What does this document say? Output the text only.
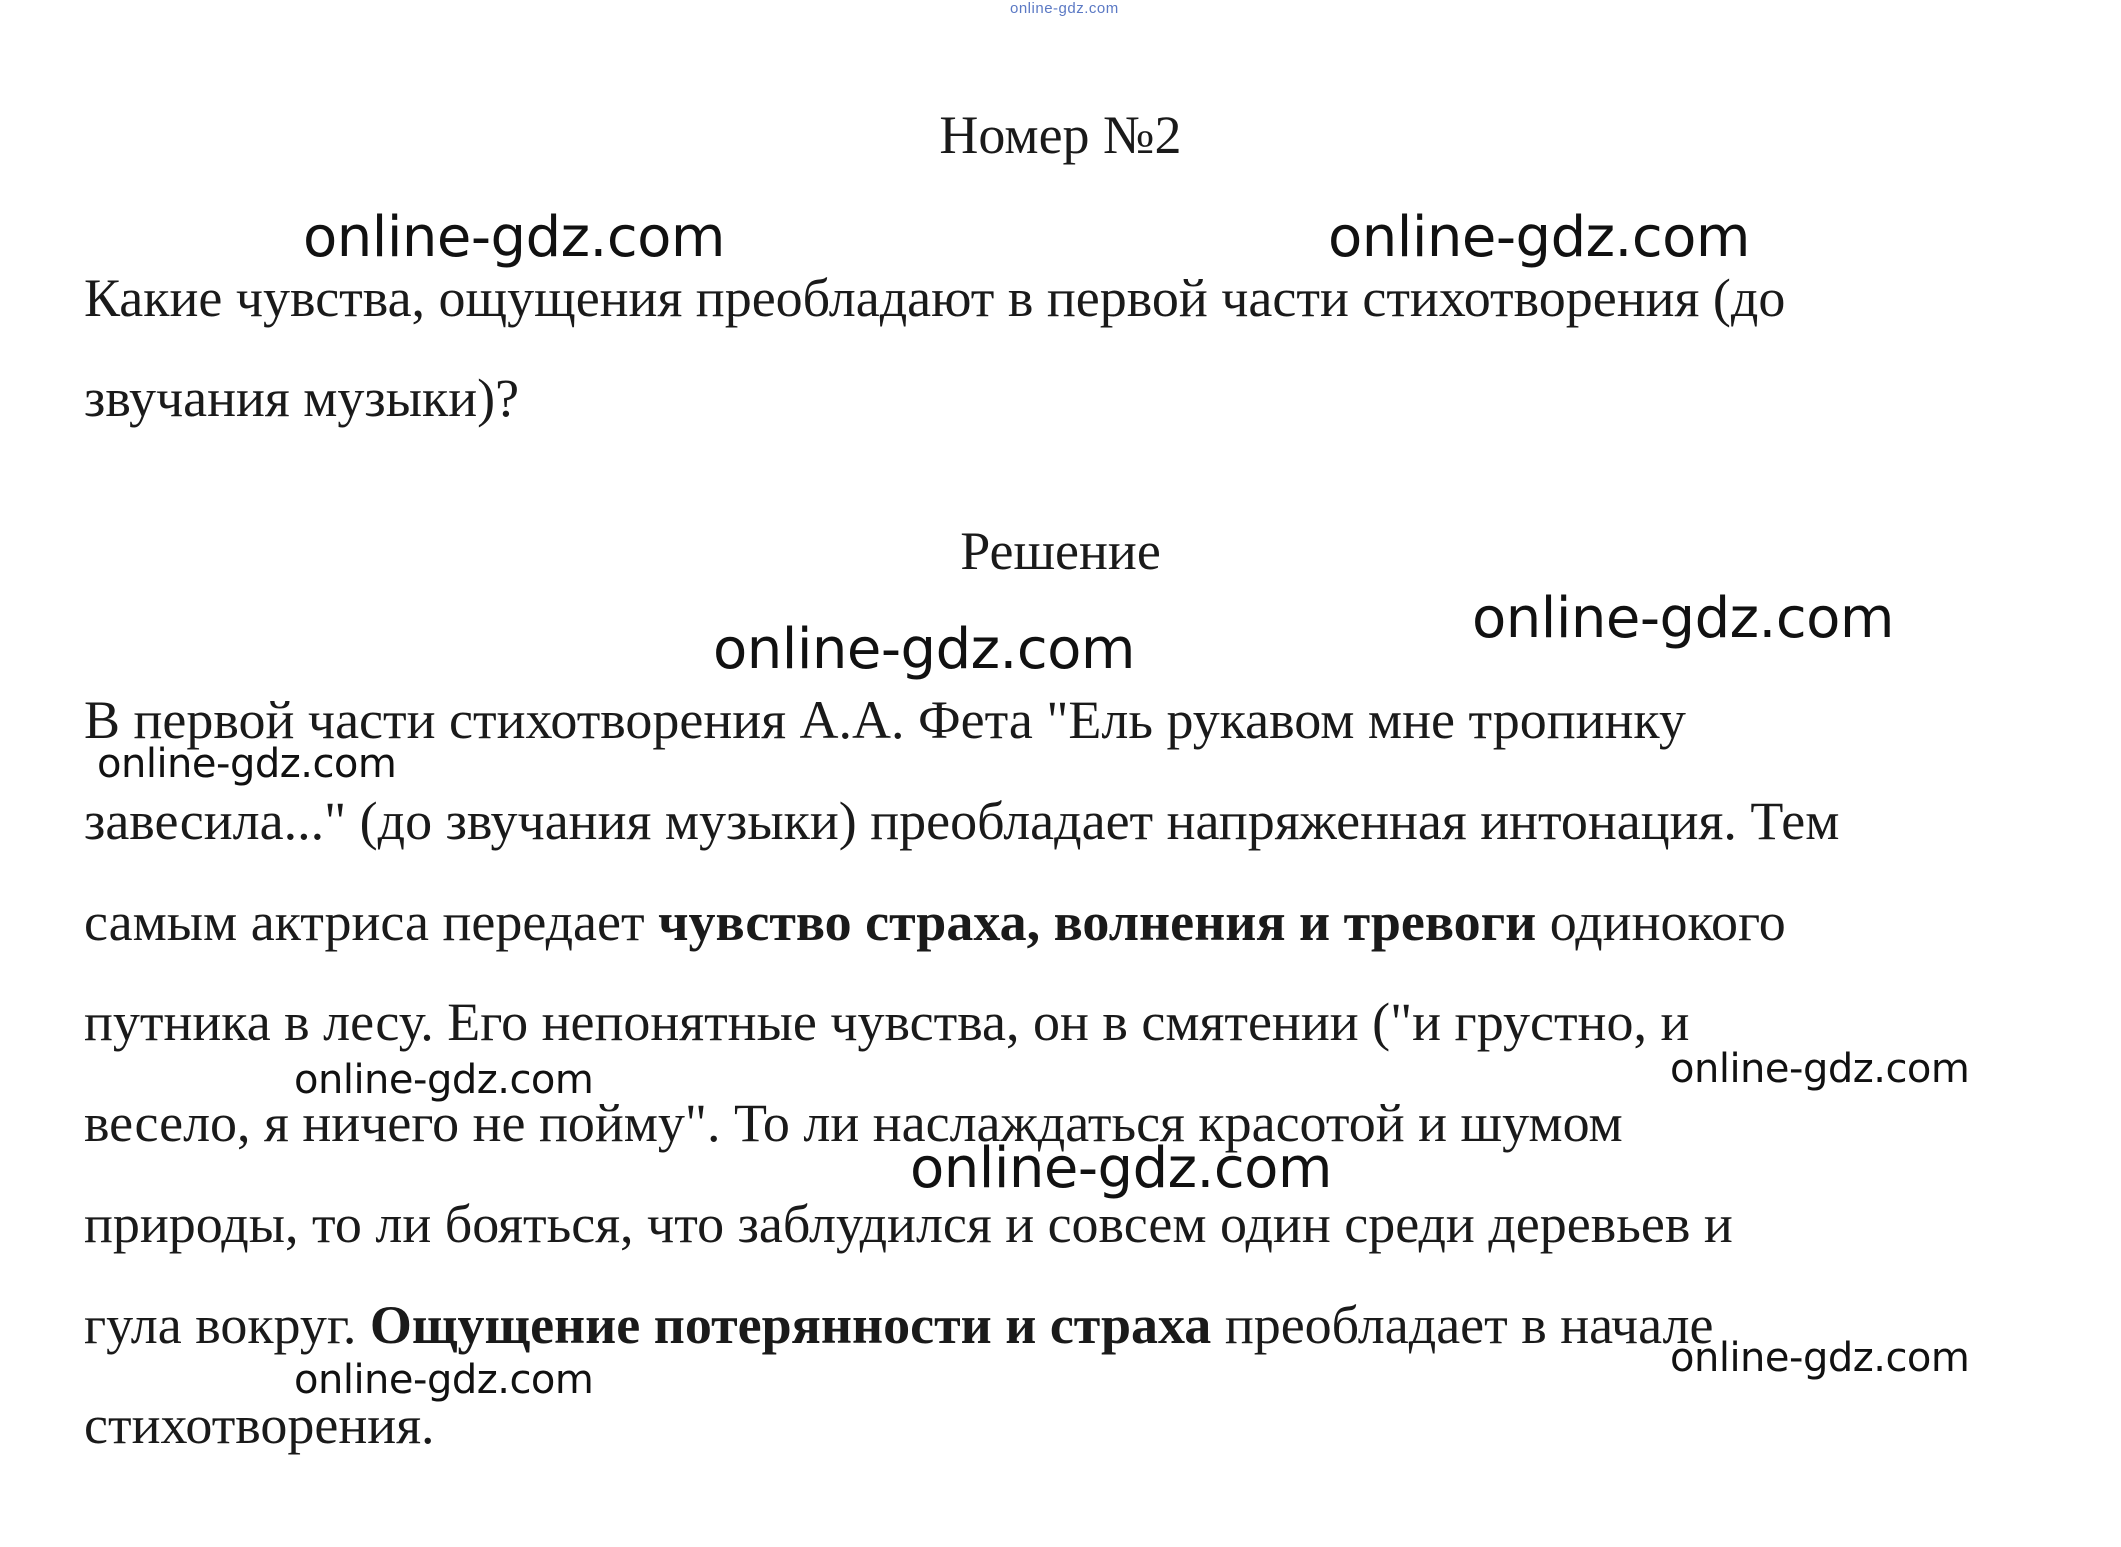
online-gdz.com
Номер №2
Какие чувства, ощущения преобладают в первой части стихотворения (до
звучания музыки)?
Решение
В первой части стихотворения А.А. Фета "Ель рукавом мне тропинку
завесила..." (до звучания музыки) преобладает напряженная интонация. Тем
самым актриса передает чувство страха, волнения и тревоги одинокого
путника в лесу. Его непонятные чувства, он в смятении ("и грустно, и
весело, я ничего не пойму". То ли наслаждаться красотой и шумом
природы, то ли бояться, что заблудился и совсем один среди деревьев и
гула вокруг. Ощущение потерянности и страха преобладает в начале
стихотворения.
online-gdz.com	online-gdz.com
online-gdz.com
online-gdz.com
online-gdz.com
online-gdz.com
online-gdz.com
online-gdz.com
online-gdz.com
online-gdz.com
